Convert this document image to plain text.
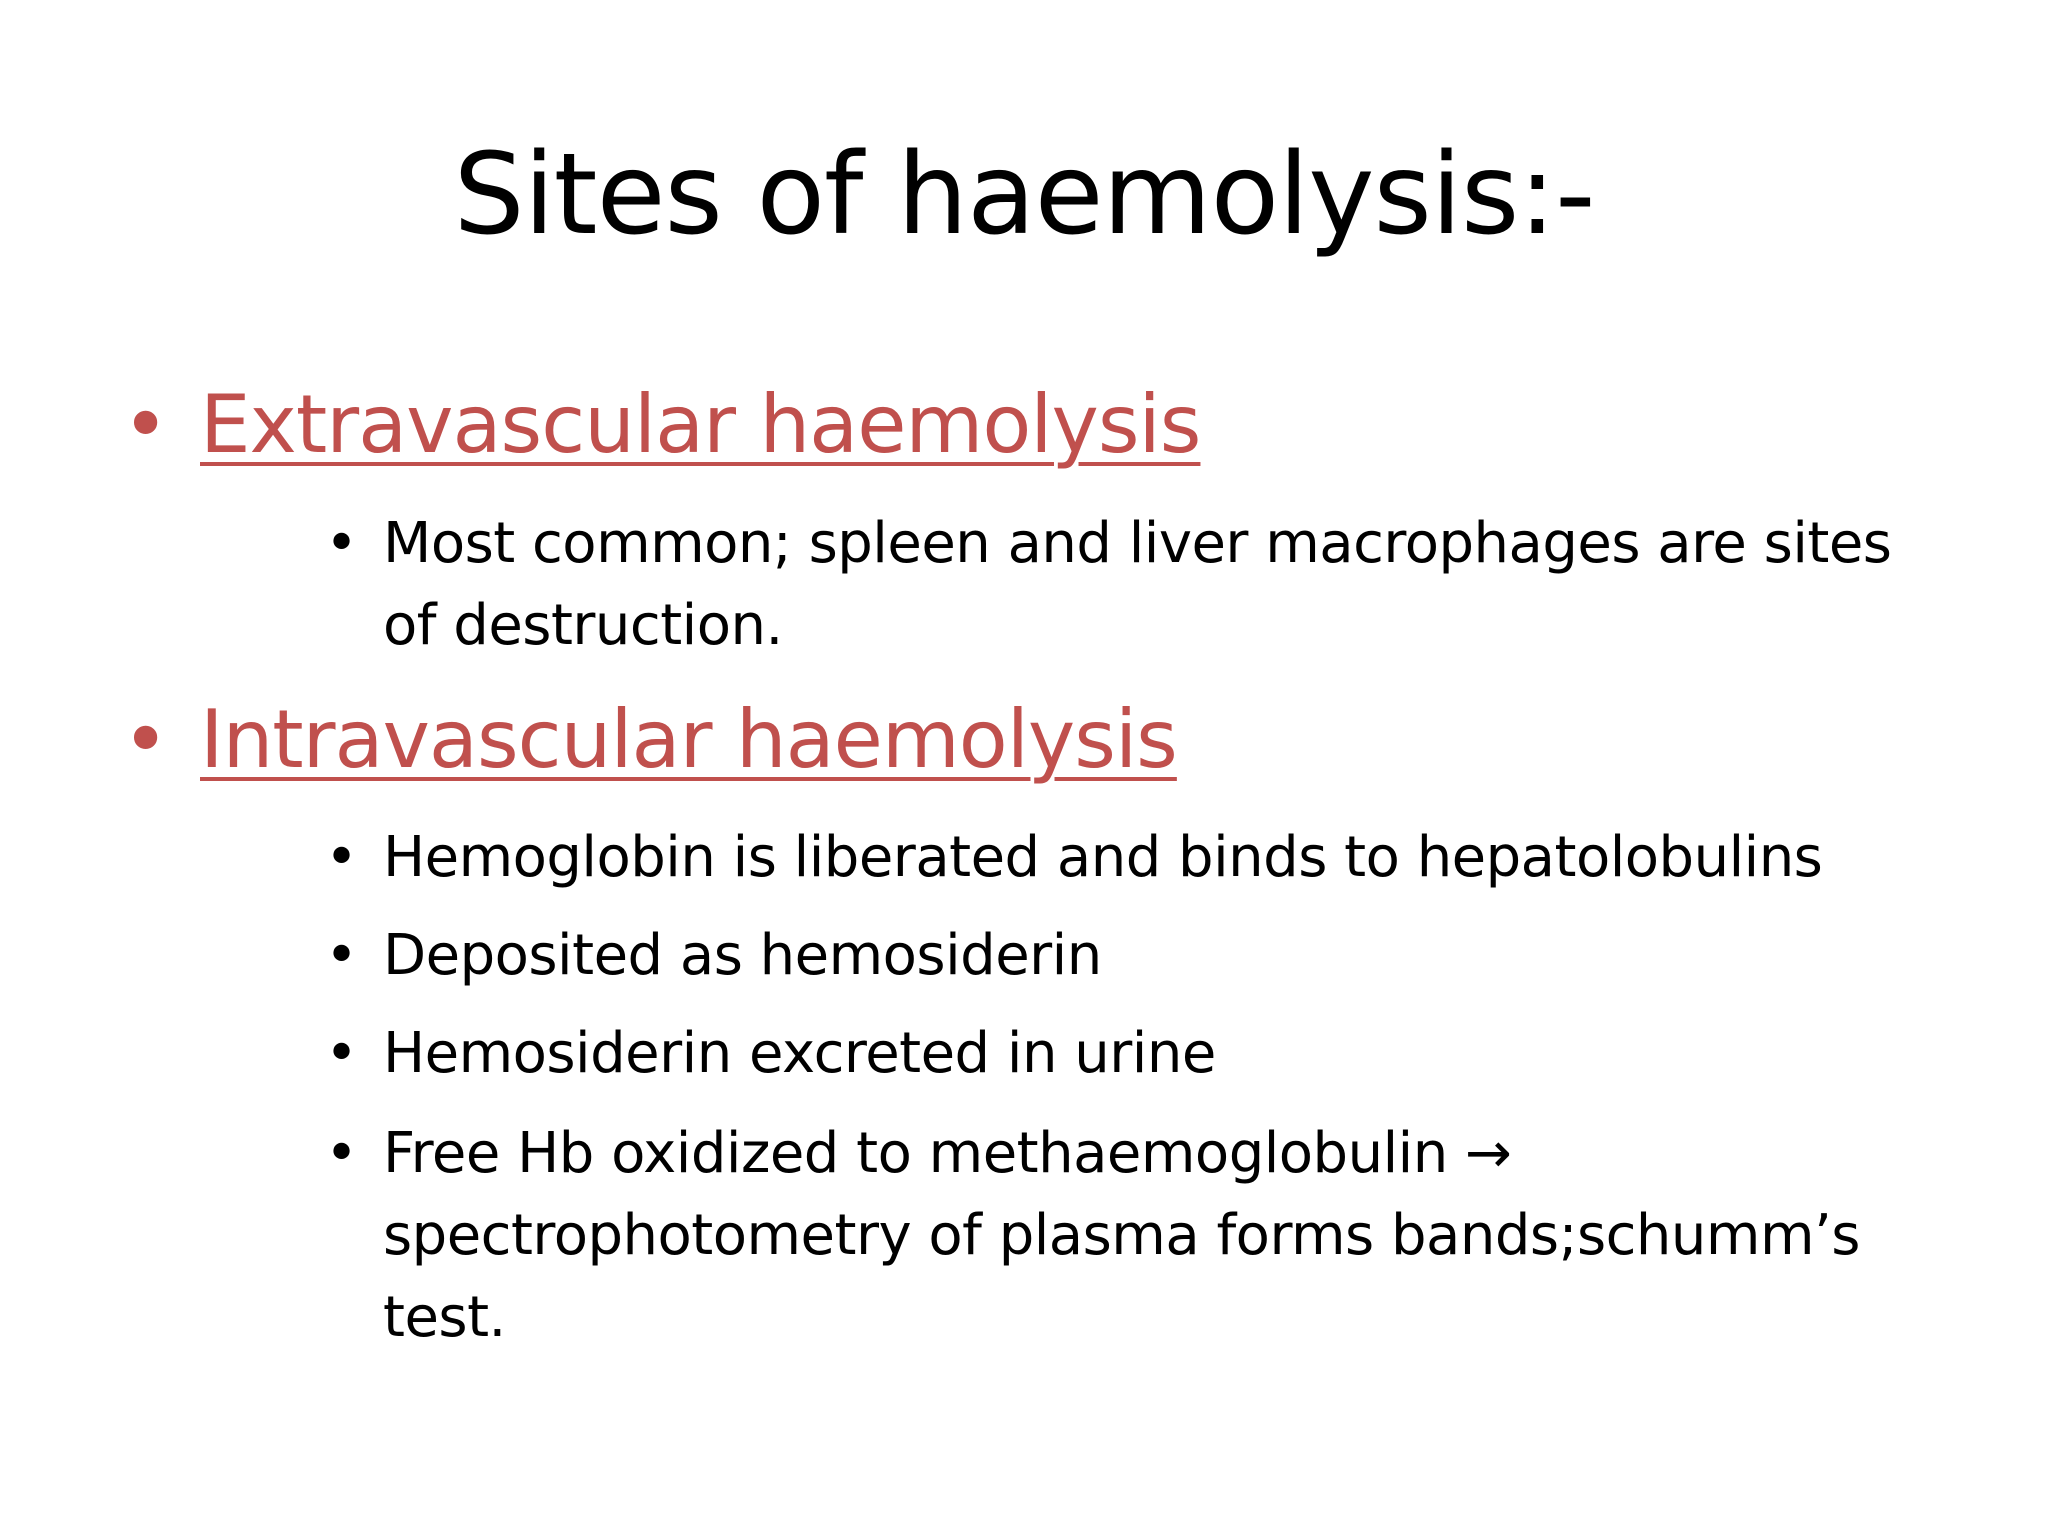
Sites of haemolysis:-
• Extravascular haemolysis
• Most common; spleen and liver macrophages are sites of destruction.
• Intravascular haemolysis
• Hemoglobin is liberated and binds to hepatolobulins
• Deposited as hemosiderin
• Hemosiderin excreted in urine
• Free Hb oxidized to methaemoglobulin → spectrophotometry of plasma forms bands;schumm’s test.
